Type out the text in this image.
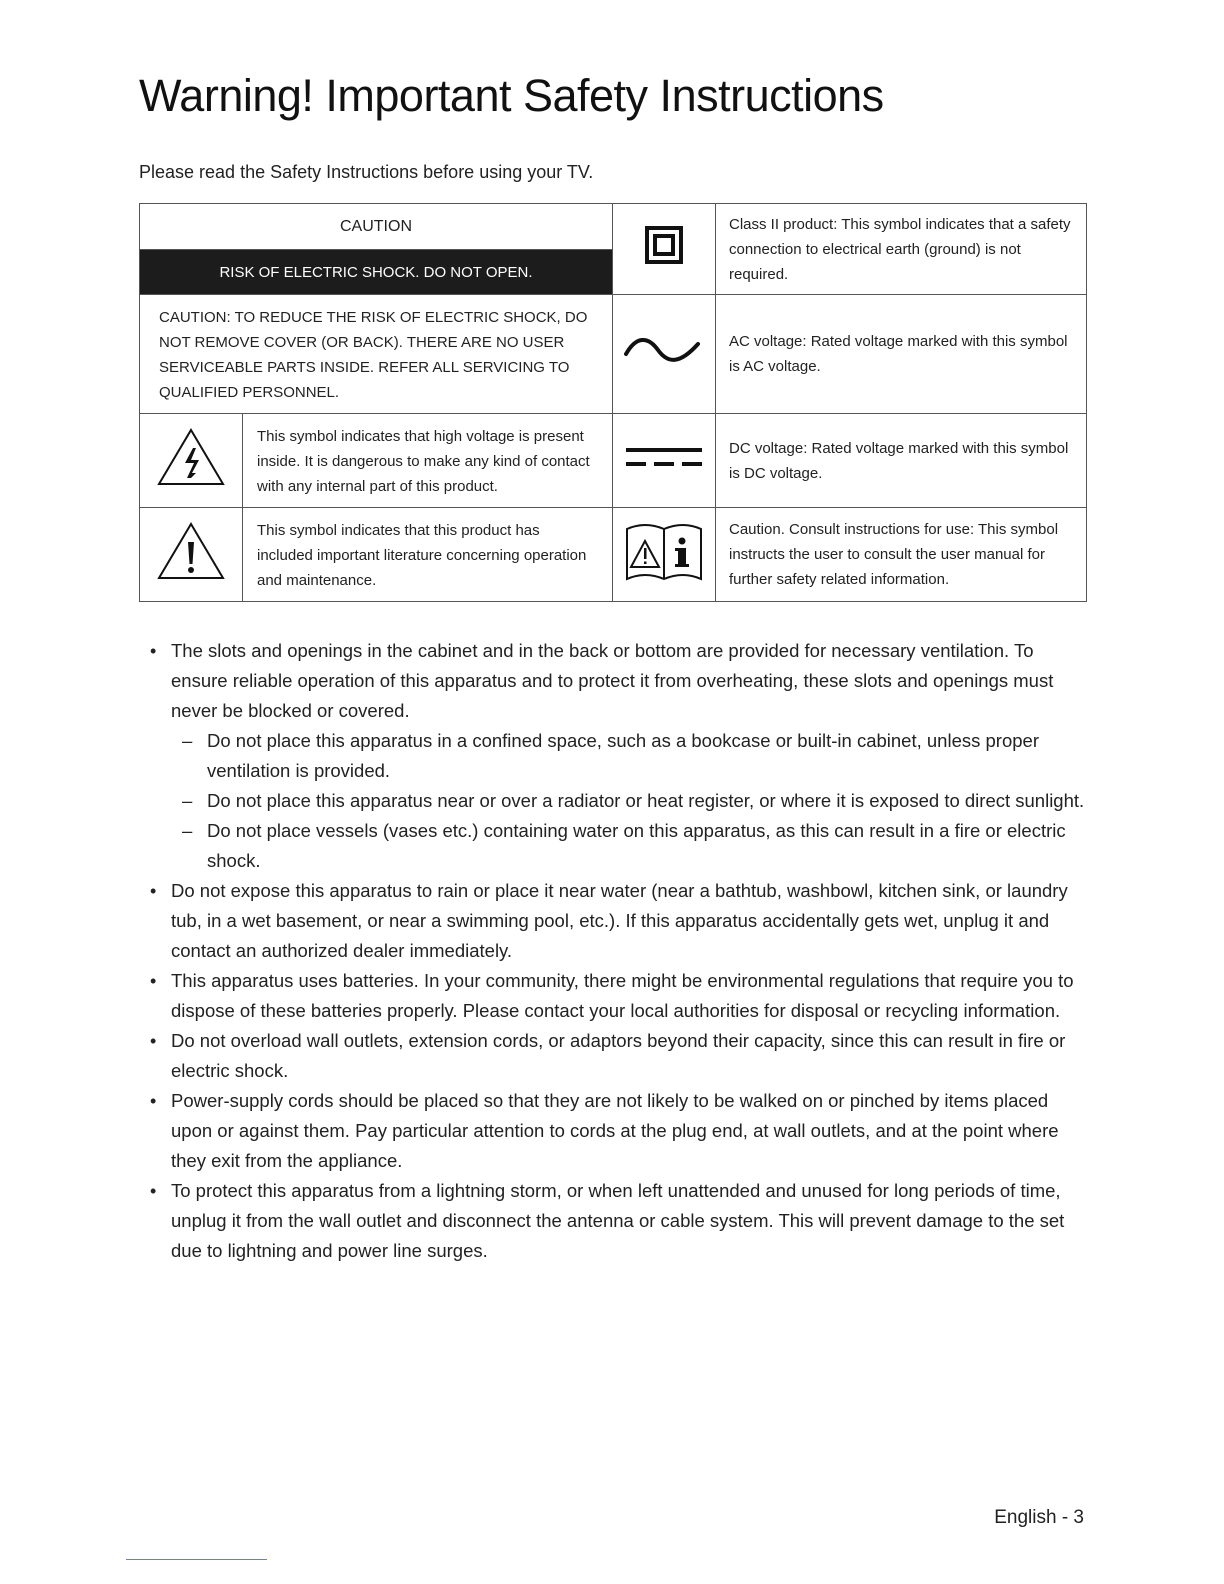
Warning! Important Safety Instructions

Please read the Safety Instructions before using your TV.

CAUTION			Class II product: This symbol indicates that a safety connection to electrical earth (ground) is not required.
RISK OF ELECTRIC SHOCK. DO NOT OPEN.			
CAUTION: TO REDUCE THE RISK OF ELECTRIC SHOCK, DO NOT REMOVE COVER (OR BACK). THERE ARE NO USER SERVICEABLE PARTS INSIDE. REFER ALL SERVICING TO QUALIFIED PERSONNEL.			AC voltage: Rated voltage marked with this symbol is AC voltage.
	This symbol indicates that high voltage is present inside. It is dangerous to make any kind of contact with any internal part of this product.		DC voltage: Rated voltage marked with this symbol is DC voltage.
	This symbol indicates that this product has included important literature concerning operation and maintenance.		Caution. Consult instructions for use: This symbol instructs the user to consult the user manual for further safety related information.
• The slots and openings in the cabinet and in the back or bottom are provided for necessary ventilation. To ensure reliable operation of this apparatus and to protect it from overheating, these slots and openings must never be blocked or covered.
– Do not place this apparatus in a confined space, such as a bookcase or built-in cabinet, unless proper ventilation is provided.
– Do not place this apparatus near or over a radiator or heat register, or where it is exposed to direct sunlight.
– Do not place vessels (vases etc.) containing water on this apparatus, as this can result in a fire or electric shock.
• Do not expose this apparatus to rain or place it near water (near a bathtub, washbowl, kitchen sink, or laundry tub, in a wet basement, or near a swimming pool, etc.). If this apparatus accidentally gets wet, unplug it and contact an authorized dealer immediately.
• This apparatus uses batteries. In your community, there might be environmental regulations that require you to dispose of these batteries properly. Please contact your local authorities for disposal or recycling information.
• Do not overload wall outlets, extension cords, or adaptors beyond their capacity, since this can result in fire or electric shock.
• Power-supply cords should be placed so that they are not likely to be walked on or pinched by items placed upon or against them. Pay particular attention to cords at the plug end, at wall outlets, and at the point where they exit from the appliance.
• To protect this apparatus from a lightning storm, or when left unattended and unused for long periods of time, unplug it from the wall outlet and disconnect the antenna or cable system. This will prevent damage to the set due to lightning and power line surges.
English - 3
